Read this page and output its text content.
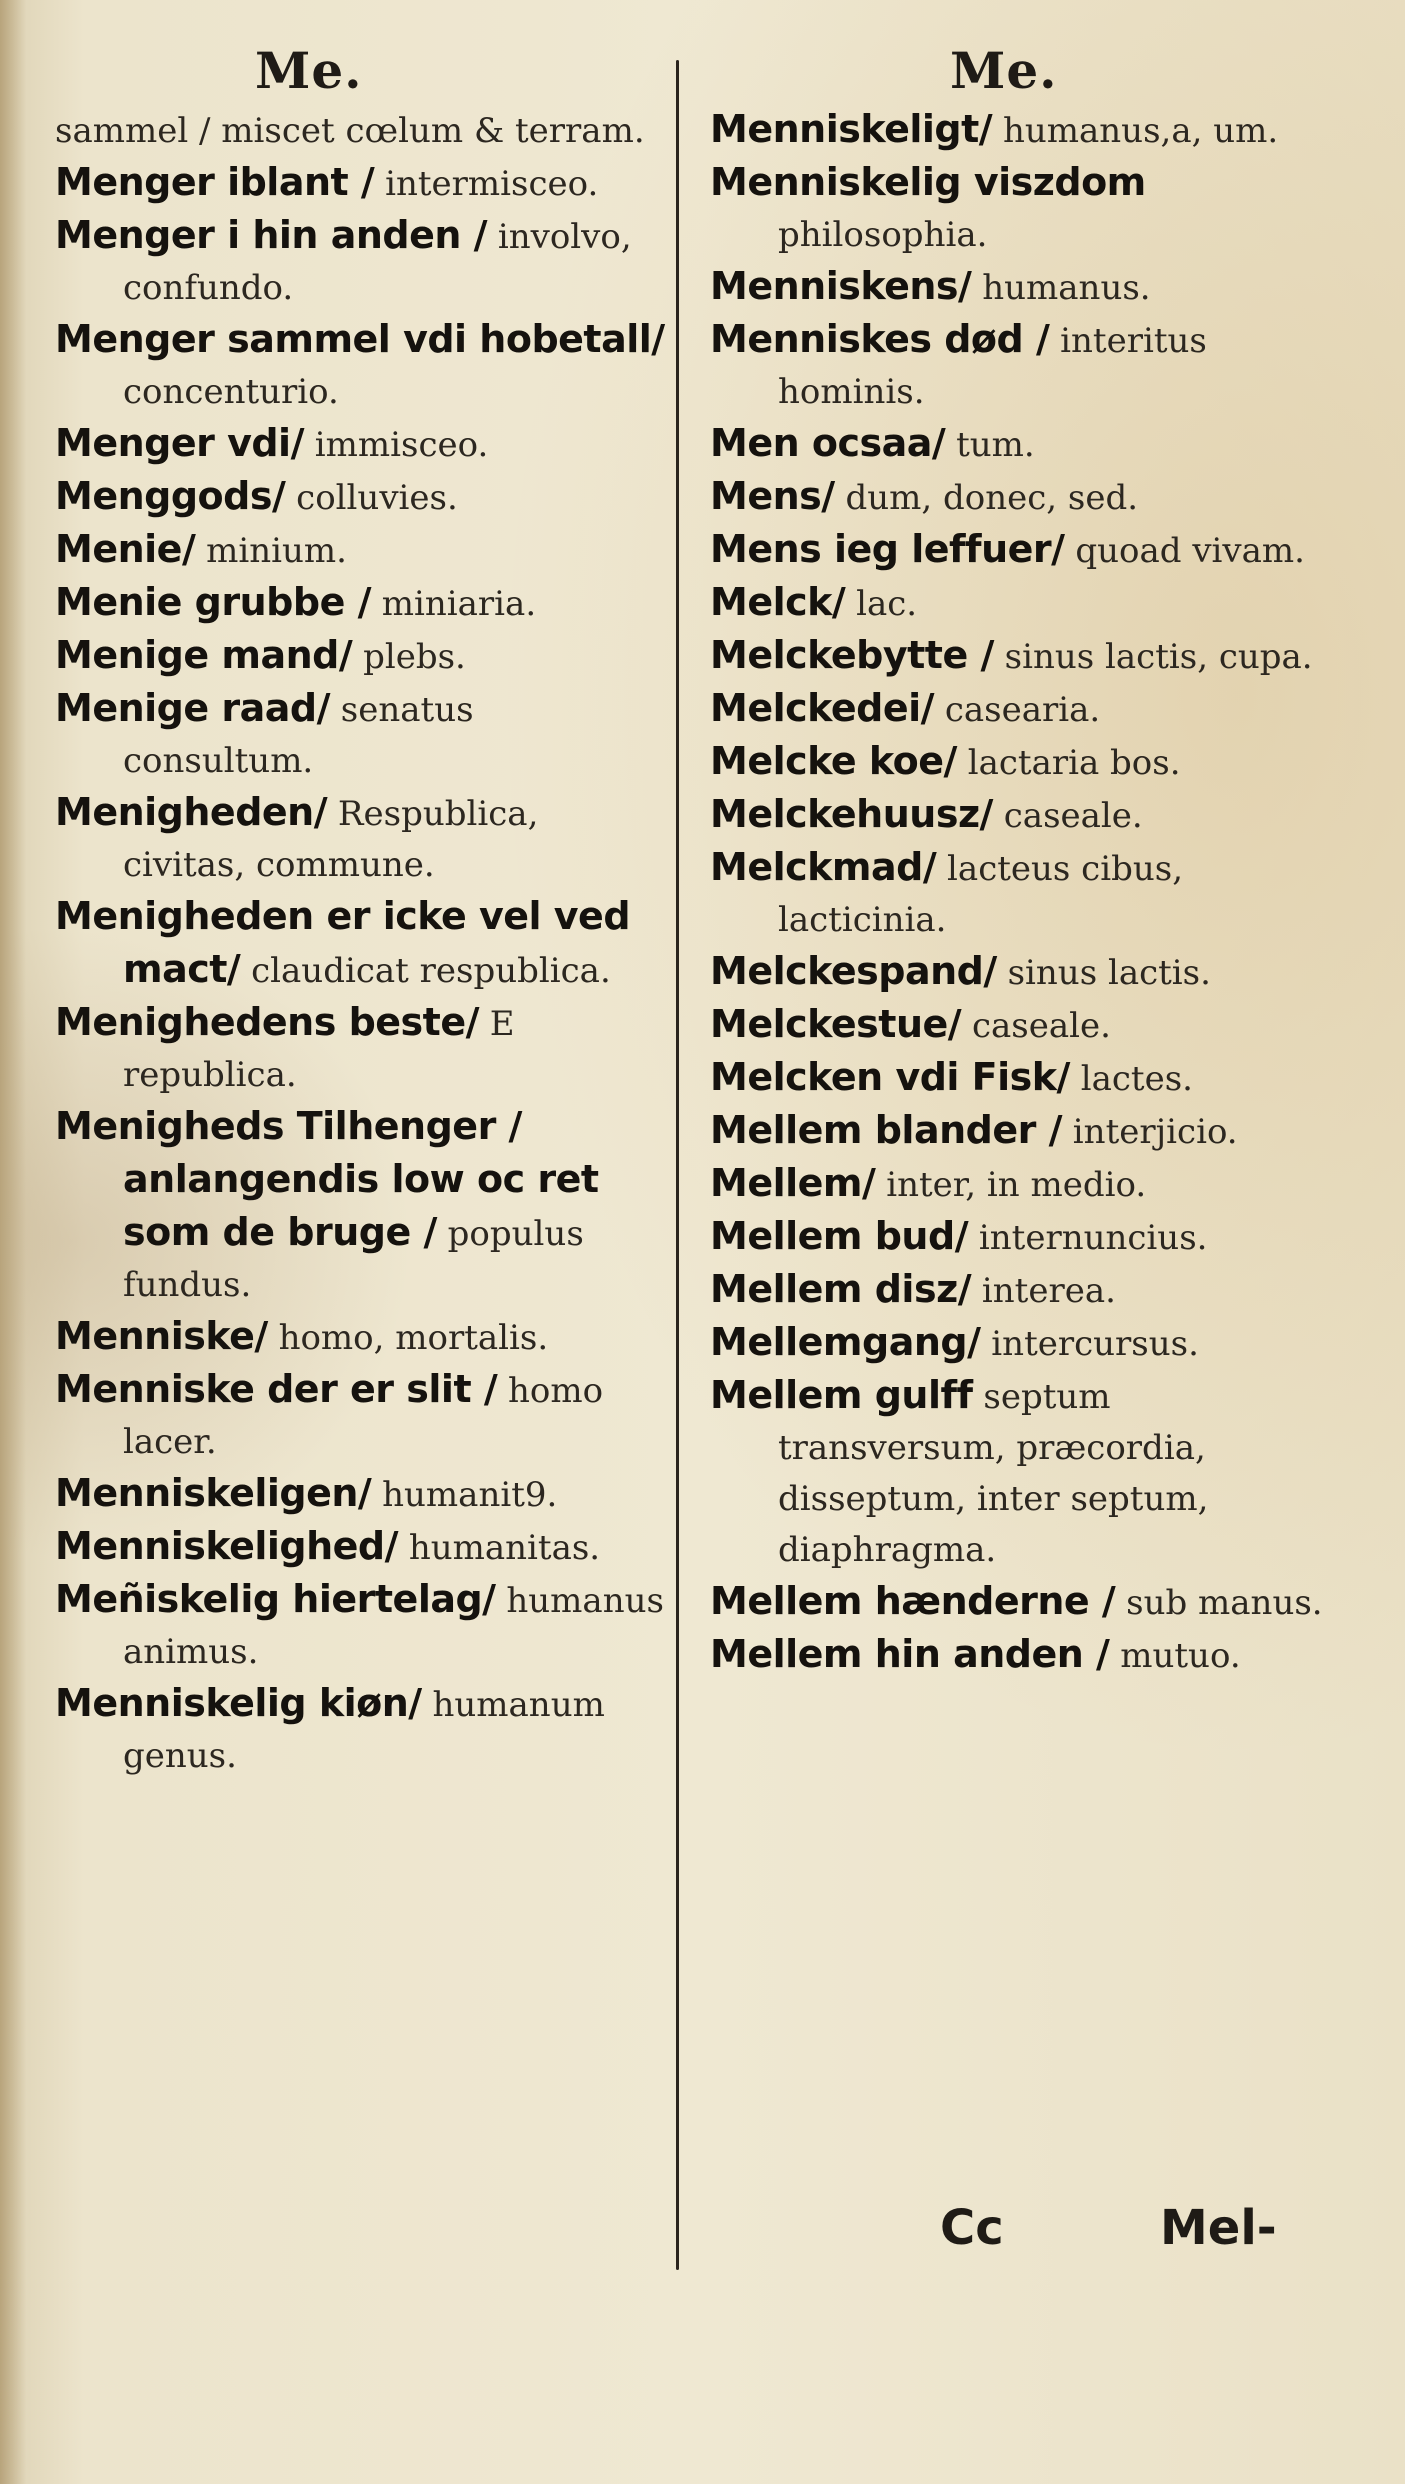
Me.

sammel / miscet cœlum & terram.

Menger iblant / intermisceo.

Menger i hin anden / involvo, confundo.

Menger sammel vdi hobetall/ concenturio.

Menger vdi/ immisceo.

Menggods/ colluvies.

Menie/ minium.

Menie grubbe / miniaria.

Menige mand/ plebs.

Menige raad/ senatus consultum.

Menigheden/ Respublica, civitas, commune.

Menigheden er icke vel ved mact/ claudicat respublica.

Menighedens beste/ E republica.

Menigheds Tilhenger / anlangendis low oc ret som de bruge / populus fundus.

Menniske/ homo, mortalis.

Menniske der er slit / homo lacer.

Menniskeligen/ humanit9.

Menniskelighed/ humanitas.

Meñiskelig hiertelag/ humanus animus.

Menniskelig kiøn/ humanum genus.

Me.

Menniskeligt/ humanus,a, um.

Menniskelig viszdom philosophia.

Menniskens/ humanus.

Menniskes død / interitus hominis.

Men ocsaa/ tum.

Mens/ dum, donec, sed.

Mens ieg leffuer/ quoad vivam.

Melck/ lac.

Melckebytte / sinus lactis, cupa.

Melckedei/ casearia.

Melcke koe/ lactaria bos.

Melckehuusz/ caseale.

Melckmad/ lacteus cibus, lacticinia.

Melckespand/ sinus lactis.

Melckestue/ caseale.

Melcken vdi Fisk/ lactes.

Mellem blander / interjicio.

Mellem/ inter, in medio.

Mellem bud/ internuncius.

Mellem disz/ interea.

Mellemgang/ intercursus.

Mellem gulff septum transversum, præcordia, disseptum, inter septum, diaphragma.

Mellem hænderne / sub manus.

Mellem hin anden / mutuo.

Cc	Mel-
